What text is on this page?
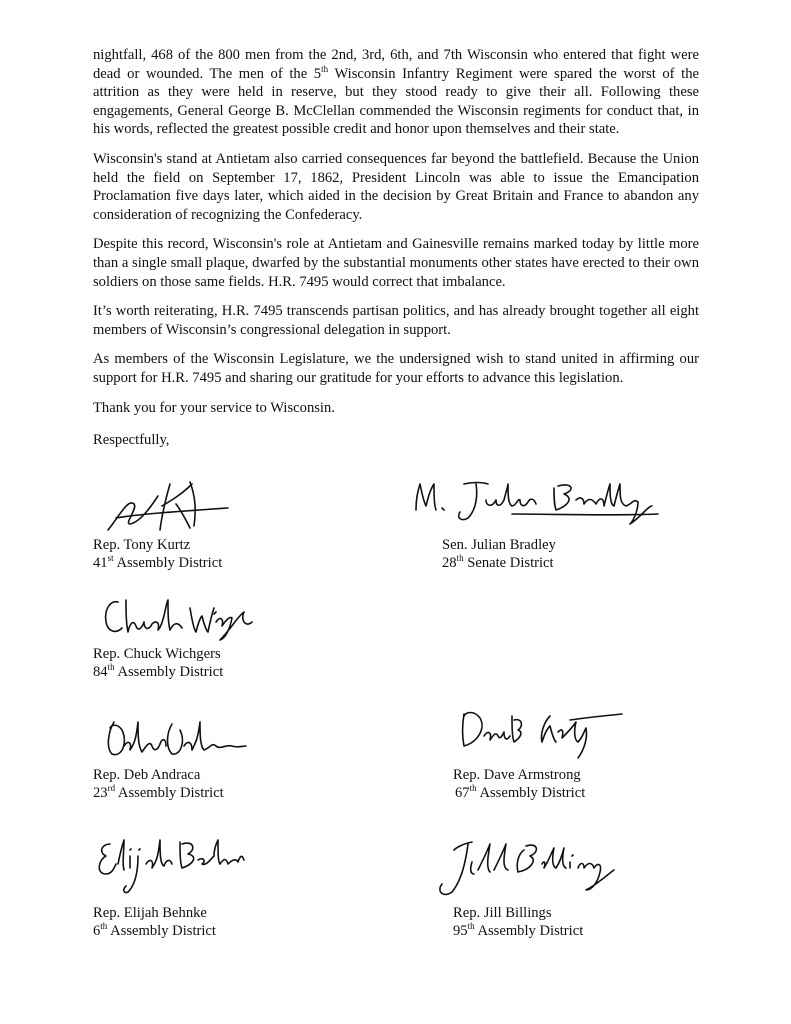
nightfall, 468 of the 800 men from the 2nd, 3rd, 6th, and 7th Wisconsin who entered that fight were dead or wounded. The men of the 5th Wisconsin Infantry Regiment were spared the worst of the attrition as they were held in reserve, but they stood ready to give their all. Following these engagements, General George B. McClellan commended the Wisconsin regiments for conduct that, in his words, reflected the greatest possible credit and honor upon themselves and their state.

Wisconsin's stand at Antietam also carried consequences far beyond the battlefield. Because the Union held the field on September 17, 1862, President Lincoln was able to issue the Emancipation Proclamation five days later, which aided in the decision by Great Britain and France to abandon any consideration of recognizing the Confederacy.

Despite this record, Wisconsin's role at Antietam and Gainesville remains marked today by little more than a single small plaque, dwarfed by the substantial monuments other states have erected to their own soldiers on those same fields. H.R. 7495 would correct that imbalance.

It’s worth reiterating, H.R. 7495 transcends partisan politics, and has already brought together all eight members of Wisconsin’s congressional delegation in support.

As members of the Wisconsin Legislature, we the undersigned wish to stand united in affirming our support for H.R. 7495 and sharing our gratitude for your efforts to advance this legislation.

Thank you for your service to Wisconsin.

Respectfully,

Rep. Tony Kurtz
41st Assembly District
Sen. Julian Bradley
28th Senate District
Rep. Chuck Wichgers
84th Assembly District
Rep. Deb Andraca
23rd Assembly District
Rep. Dave Armstrong
67th Assembly District
Rep. Elijah Behnke
6th Assembly District
Rep. Jill Billings
95th Assembly District
